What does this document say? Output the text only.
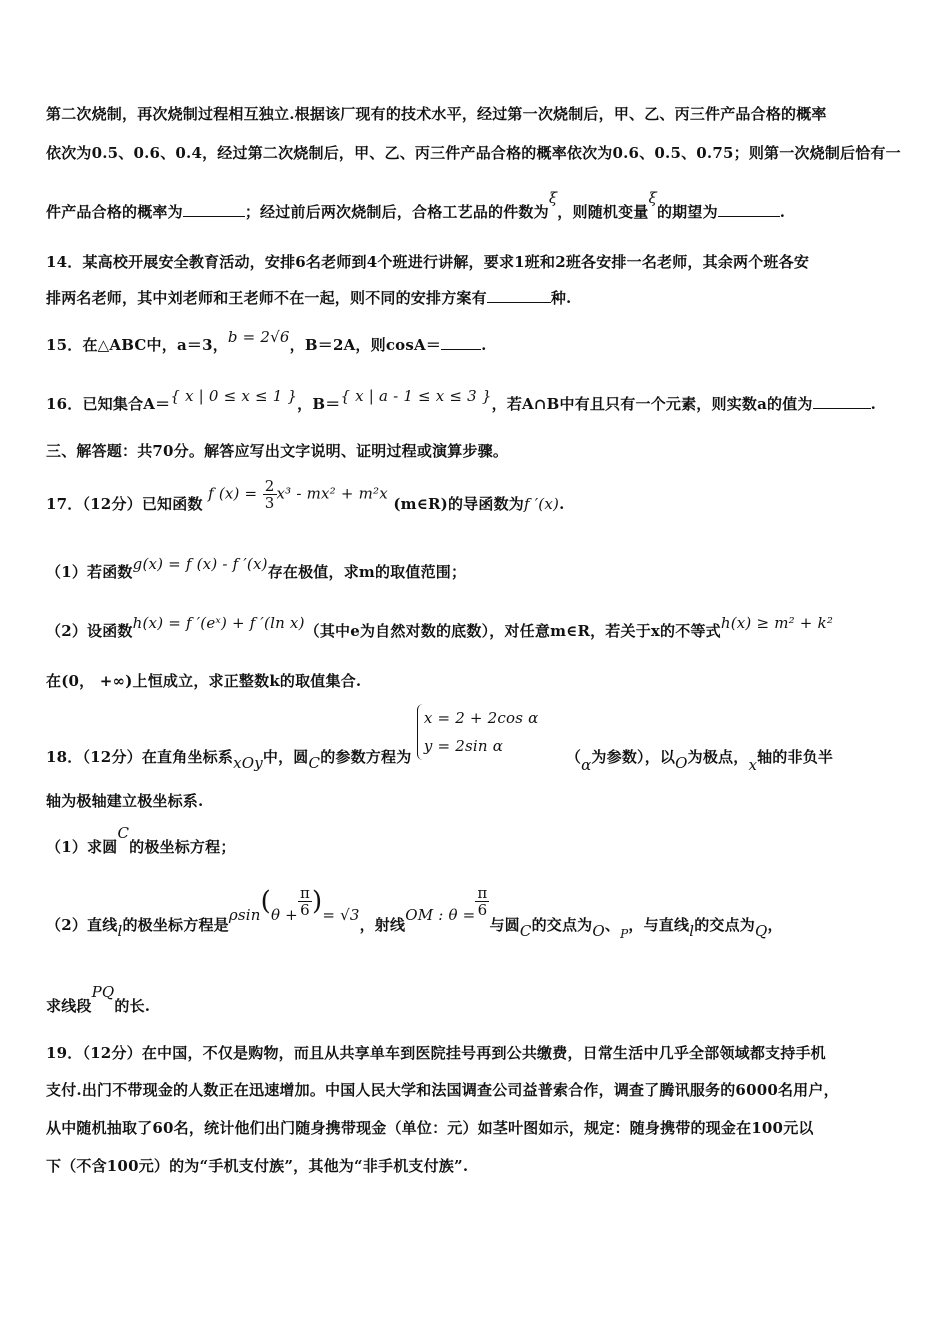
第二次烧制，再次烧制过程相互独立.根据该厂现有的技术水平，经过第一次烧制后，甲、乙、丙三件产品合格的概率
依次为0.5、0.6、0.4，经过第二次烧制后，甲、乙、丙三件产品合格的概率依次为0.6、0.5、0.75；则第一次烧制后恰有一
件产品合格的概率为	；经过前后两次烧制后，合格工艺品的件数为ξ，则随机变量ξ的期望为	.
14．某高校开展安全教育活动，安排6名老师到4个班进行讲解，要求1班和2班各安排一名老师，其余两个班各安
排两名老师，其中刘老师和王老师不在一起，则不同的安排方案有	种.
15．在△ABC中，a＝3，b = 2√6，B＝2A，则cosA＝	.
16．已知集合A＝{ x | 0 ≤ x ≤ 1 }，B＝{ x | a - 1 ≤ x ≤ 3 }，若A∩B中有且只有一个元素，则实数a的值为	.
三、解答题：共70分。解答应写出文字说明、证明过程或演算步骤。
17．（12分）已知函数 f $(x) = \frac{2}{3} x^3 - mx^2 + m^2x$ (m∈R)的导函数为f ′(x).
（1）若函数g(x) = f (x) - f ′(x)存在极值，求m的取值范围；
（2）设函数h(x) = f ′(eˣ) + f ′(ln x)（其中e为自然对数的底数），对任意m∈R，若关于x的不等式h(x) ≥ m² + k²
在(0， +∞)上恒成立，求正整数k的取值集合.
18．（12分）在直角坐标系xOy中，圆C的参数方程为
x = 2 + 2cos α
y = 2sin α
（α为参数），以O为极点，x轴的非负半
轴为极轴建立极坐标系.
（1）求圆C的极坐标方程；
（2）直线l的极坐标方程是$\rho\sin(\theta + \frac{\pi}{6}$ )= √3，射线OM : $\theta = \frac{\pi}{6}$
与圆C的交点为O、$_P$，与直线l的交点为Q，
求线段PQ的长.
19．（12分）在中国，不仅是购物，而且从共享单车到医院挂号再到公共缴费，日常生活中几乎全部领域都支持手机
支付.出门不带现金的人数正在迅速增加。中国人民大学和法国调查公司益普索合作，调查了腾讯服务的6000名用户，
从中随机抽取了60名，统计他们出门随身携带现金（单位：元）如茎叶图如示，规定：随身携带的现金在100元以
下（不含100元）的为“手机支付族”，其他为“非手机支付族”.
